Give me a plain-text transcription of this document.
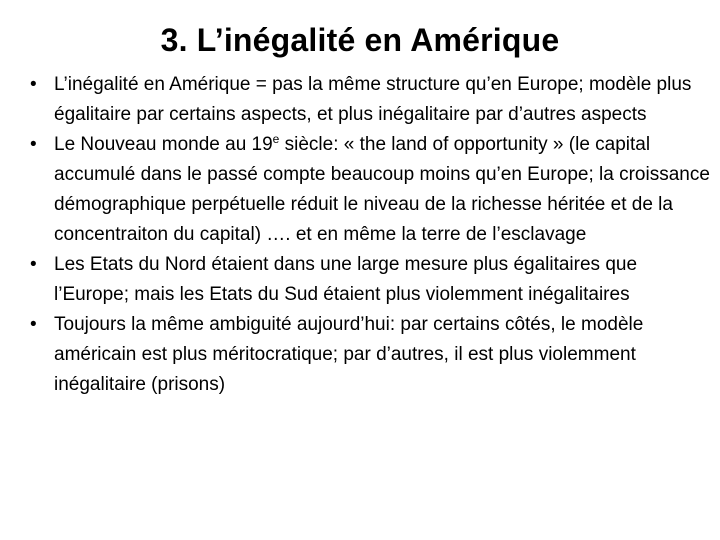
3. L’inégalité en Amérique
• L’inégalité en Amérique = pas la même structure qu’en Europe; modèle plus égalitaire par certains aspects, et plus inégalitaire par d’autres aspects
• Le Nouveau monde au 19e siècle: « the land of opportunity » (le capital accumulé dans le passé compte beaucoup moins qu’en Europe; la croissance démographique perpétuelle réduit le niveau de la richesse héritée et de la concentraiton du capital) …. et en même la terre de l’esclavage
• Les Etats du Nord étaient dans une large mesure plus égalitaires que l’Europe; mais les Etats du Sud étaient plus violemment inégalitaires
• Toujours la même ambiguité aujourd’hui: par certains côtés, le modèle américain est plus méritocratique; par d’autres, il est plus violemment inégalitaire (prisons)
